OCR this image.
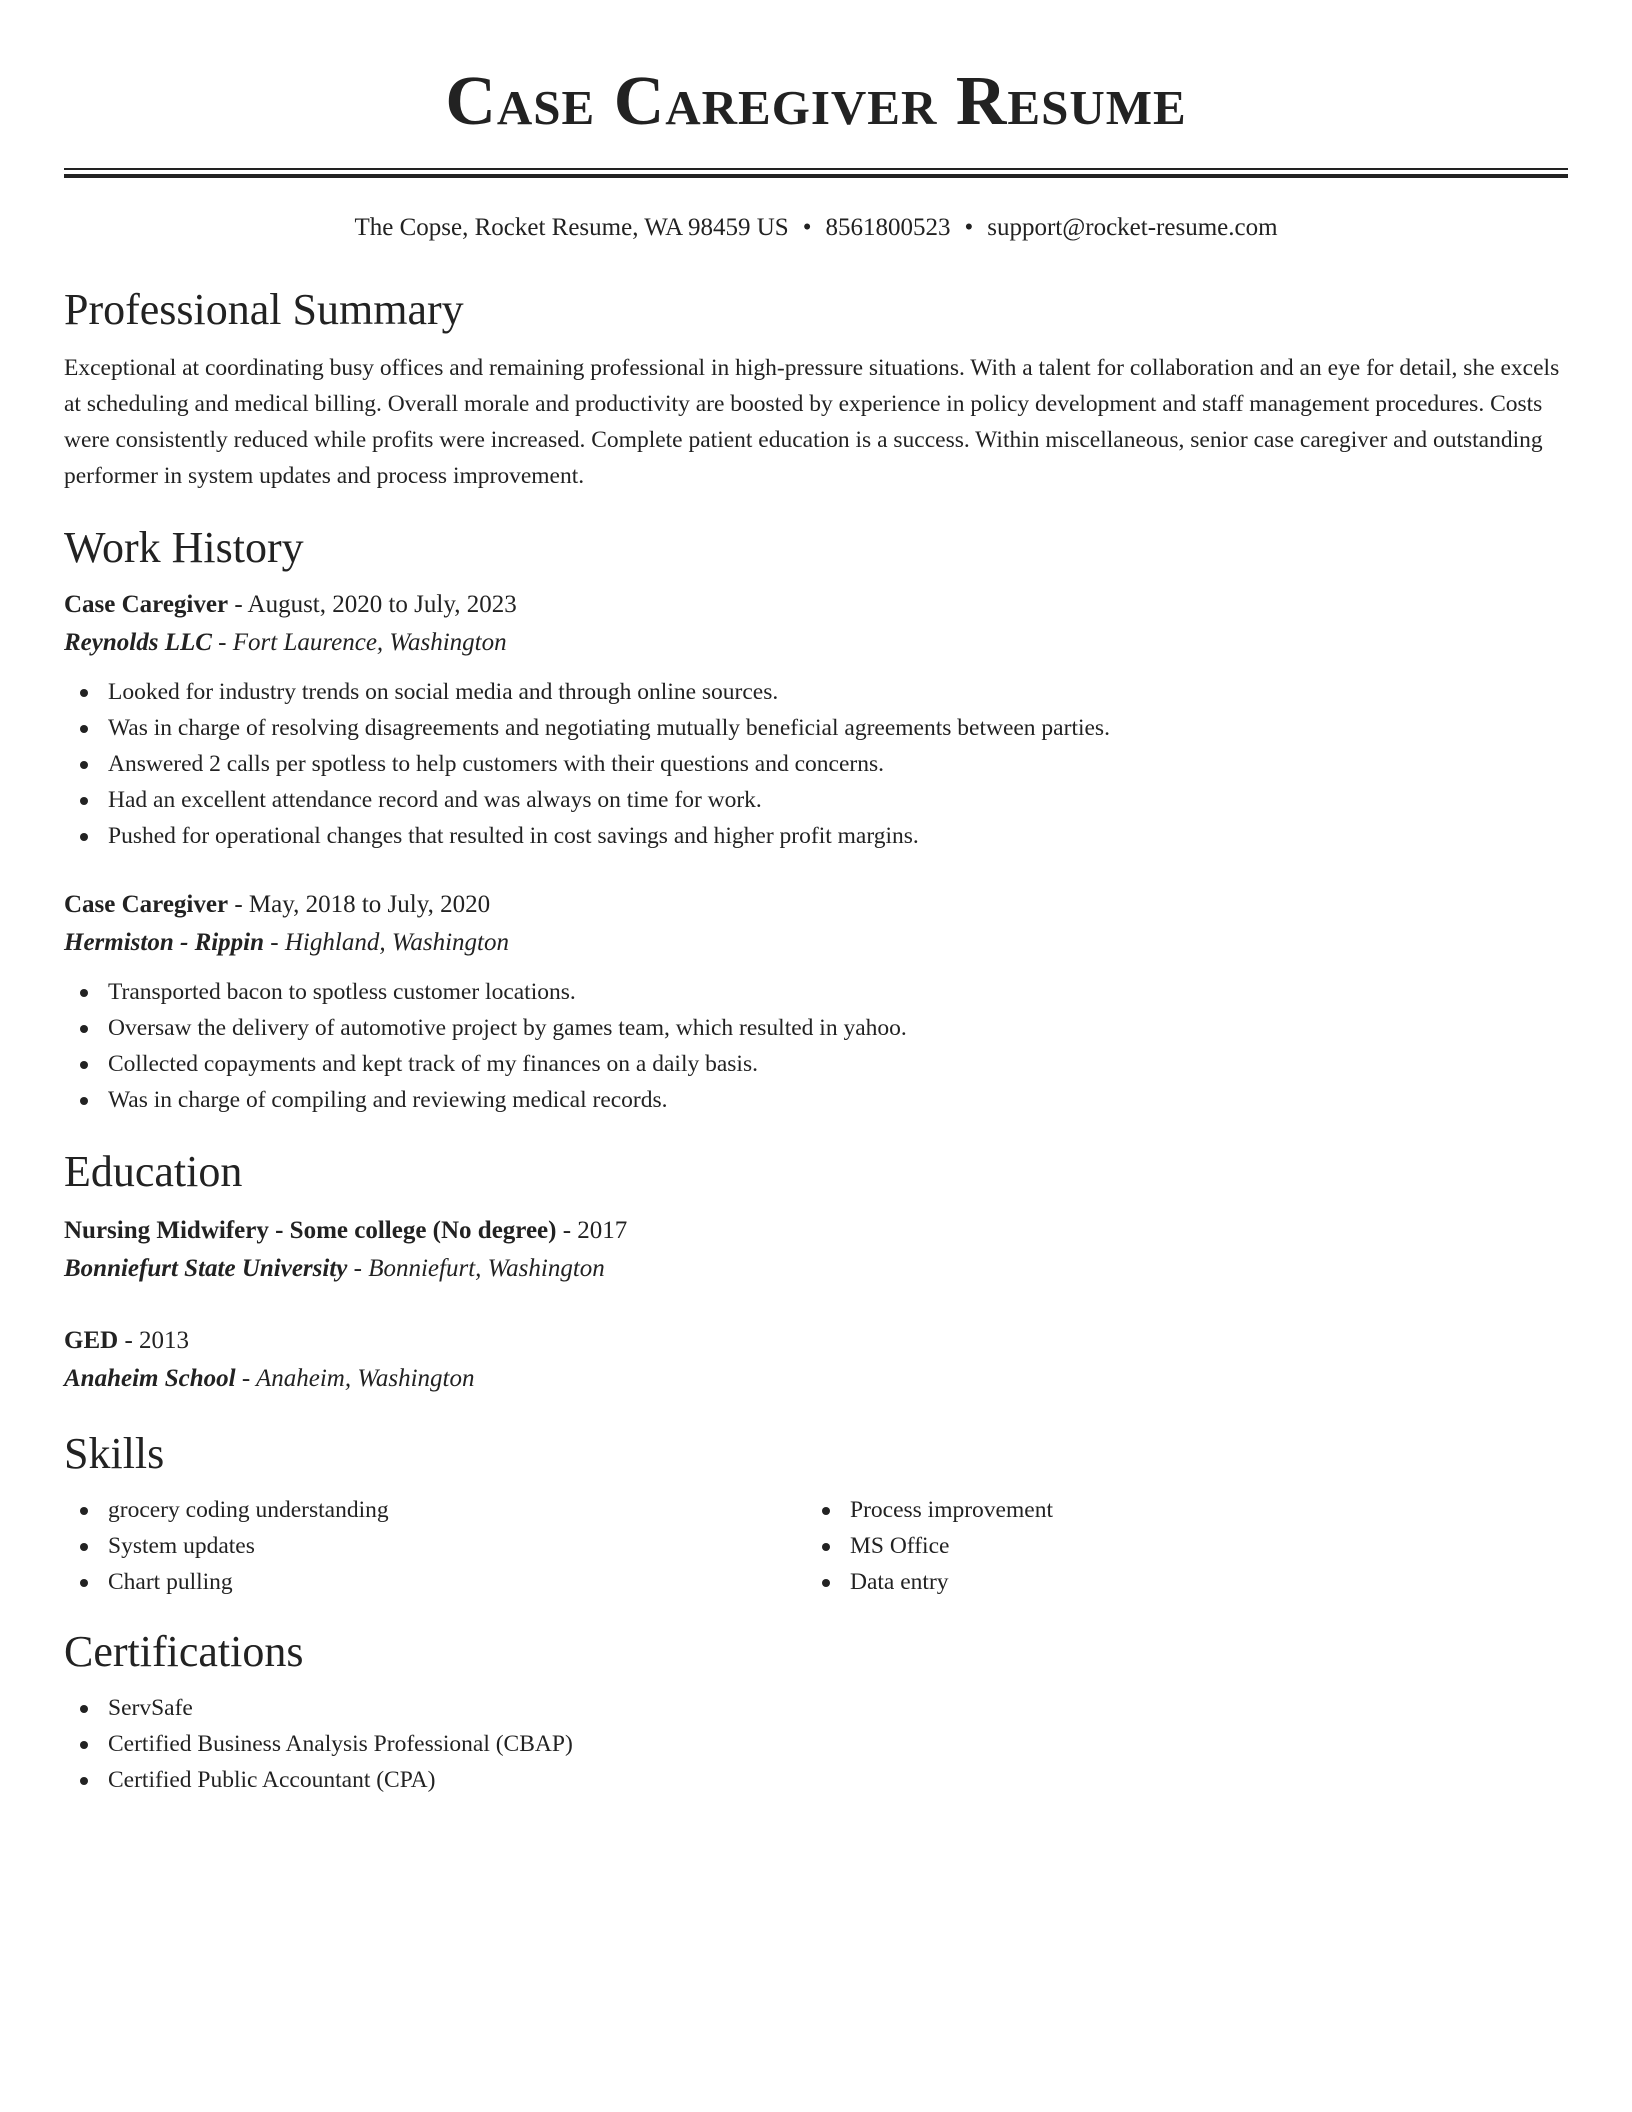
Case Caregiver Resume
The Copse, Rocket Resume, WA 98459 US • 8561800523 • support@rocket-resume.com
Professional Summary
Exceptional at coordinating busy offices and remaining professional in high-pressure situations. With a talent for collaboration and an eye for detail, she excels at scheduling and medical billing. Overall morale and productivity are boosted by experience in policy development and staff management procedures. Costs were consistently reduced while profits were increased. Complete patient education is a success. Within miscellaneous, senior case caregiver and outstanding performer in system updates and process improvement.
Work History
Case Caregiver - August, 2020 to July, 2023
Reynolds LLC - Fort Laurence, Washington
Looked for industry trends on social media and through online sources.
Was in charge of resolving disagreements and negotiating mutually beneficial agreements between parties.
Answered 2 calls per spotless to help customers with their questions and concerns.
Had an excellent attendance record and was always on time for work.
Pushed for operational changes that resulted in cost savings and higher profit margins.
Case Caregiver - May, 2018 to July, 2020
Hermiston - Rippin - Highland, Washington
Transported bacon to spotless customer locations.
Oversaw the delivery of automotive project by games team, which resulted in yahoo.
Collected copayments and kept track of my finances on a daily basis.
Was in charge of compiling and reviewing medical records.
Education
Nursing Midwifery - Some college (No degree) - 2017
Bonniefurt State University - Bonniefurt, Washington
GED - 2013
Anaheim School - Anaheim, Washington
Skills
grocery coding understanding
System updates
Chart pulling
Process improvement
MS Office
Data entry
Certifications
ServSafe
Certified Business Analysis Professional (CBAP)
Certified Public Accountant (CPA)
